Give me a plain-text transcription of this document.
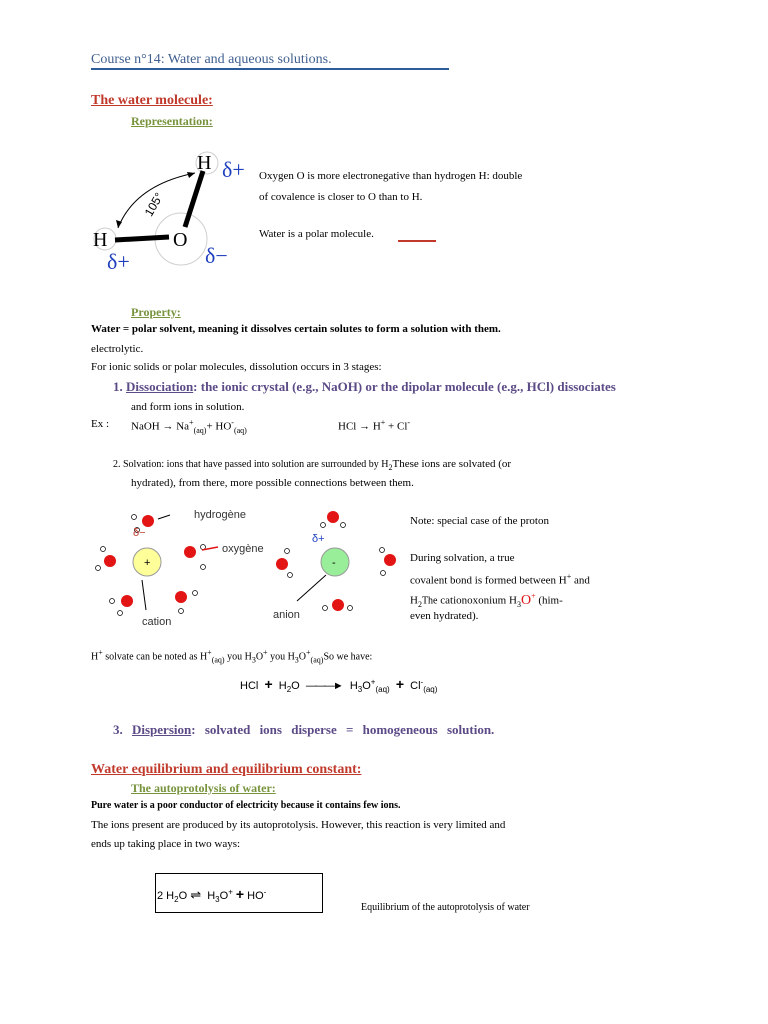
Course n°14: Water and aqueous solutions.
The water molecule:
Representation:
105°
H
H	O
δ+
δ+	δ−
Oxygen O is more electronegative than hydrogen H: double
of covalence is closer to O than to H.
Water is a polar molecule.
Property:
Water = polar solvent, meaning it dissolves certain solutes to form a solution with them.
electrolytic.
For ionic solids or polar molecules, dissolution occurs in 3 stages:
1. Dissociation: the ionic crystal (e.g., NaOH) or the dipolar molecule (e.g., HCl) dissociates
and form ions in solution.
Ex : NaOH → $Na^+_{(aq)}+ HO^-_{(aq)}$	HCl → H+ + Cl-
2. Solvation: ions that have passed into solution are surrounded by $H_2These$ ions are solvated (or
hydrated), from there, more possible connections between them.
+	-
hydrogène
oxygène
δ−	δ+
cation
anion
Note: special case of the proton
During solvation, a true
covalent bond is formed between H+ and
$H_2The$ cationoxonium $H_3O^+$ (him-
even hydrated).
H+ solvate can be noted as $H^+_{(aq)}$ you $H_3O^+$ you $H_3O^+_{(aq)}So$ we have:
HCl  +  $H_2O$  ———►  $H_3O^+_{(aq)} + Cl^-_{(aq)}$
3. Dispersion: solvated ions disperse = homogeneous solution.
Water equilibrium and equilibrium constant:
The autoprotolysis of water:
Pure water is a poor conductor of electricity because it contains few ions.
The ions present are produced by its autoprotolysis. However, this reaction is very limited and
ends up taking place in two ways:
2 $H_2O$ ⇌  $H_3O^+ + HO^-$
Equilibrium of the autoprotolysis of water
